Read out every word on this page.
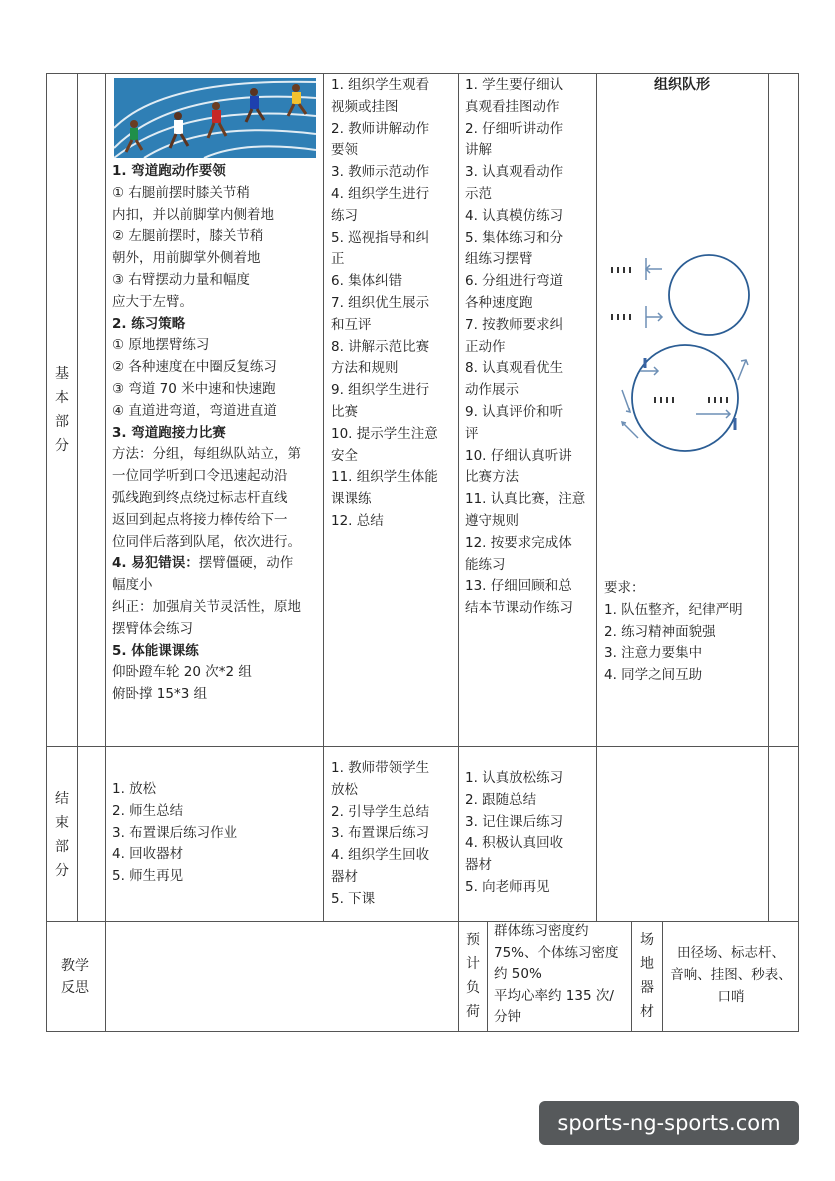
基
本
部
分
结
束
部
分
教学
反思
1. 弯道跑动作要领
① 右腿前摆时膝关节稍
内扣，并以前脚掌内侧着地
② 左腿前摆时，膝关节稍
朝外，用前脚掌外侧着地
③ 右臂摆动力量和幅度
应大于左臂。
2. 练习策略
① 原地摆臂练习
② 各种速度在中圈反复练习
③ 弯道 70 米中速和快速跑
④ 直道进弯道，弯道进直道
3. 弯道跑接力比赛
方法：分组，每组纵队站立，第
一位同学听到口令迅速起动沿
弧线跑到终点绕过标志杆直线
返回到起点将接力棒传给下一
位同伴后落到队尾，依次进行。
4. 易犯错误：摆臂僵硬，动作
幅度小
纠正：加强肩关节灵活性，原地
摆臂体会练习
5. 体能课课练
仰卧蹬车轮 20 次*2 组
俯卧撑 15*3 组
1. 组织学生观看
视频或挂图
2. 教师讲解动作
要领
3. 教师示范动作
4. 组织学生进行
练习
5. 巡视指导和纠
正
6. 集体纠错
7. 组织优生展示
和互评
8. 讲解示范比赛
方法和规则
9. 组织学生进行
比赛
10. 提示学生注意
安全
11. 组织学生体能
课课练
12. 总结
1. 学生要仔细认
真观看挂图动作
2. 仔细听讲动作
讲解
3. 认真观看动作
示范
4. 认真模仿练习
5. 集体练习和分
组练习摆臂
6. 分组进行弯道
各种速度跑
7. 按教师要求纠
正动作
8. 认真观看优生
动作展示
9. 认真评价和听
评
10. 仔细认真听讲
比赛方法
11. 认真比赛，注意
遵守规则
12. 按要求完成体
能练习
13. 仔细回顾和总
结本节课动作练习
组织队形
要求：
1. 队伍整齐，纪律严明
2. 练习精神面貌强
3. 注意力要集中
4. 同学之间互助
1. 放松
2. 师生总结
3. 布置课后练习作业
4. 回收器材
5. 师生再见
1. 教师带领学生
放松
2. 引导学生总结
3. 布置课后练习
4. 组织学生回收
器材
5. 下课
1. 认真放松练习
2. 跟随总结
3. 记住课后练习
4. 积极认真回收
器材
5. 向老师再见
预
计
负
荷
群体练习密度约
75%、个体练习密度
约 50%
平均心率约 135 次/
分钟
场
地
器
材
田径场、标志杆、
音响、挂图、秒表、
口哨
sports-ng-sports.com
